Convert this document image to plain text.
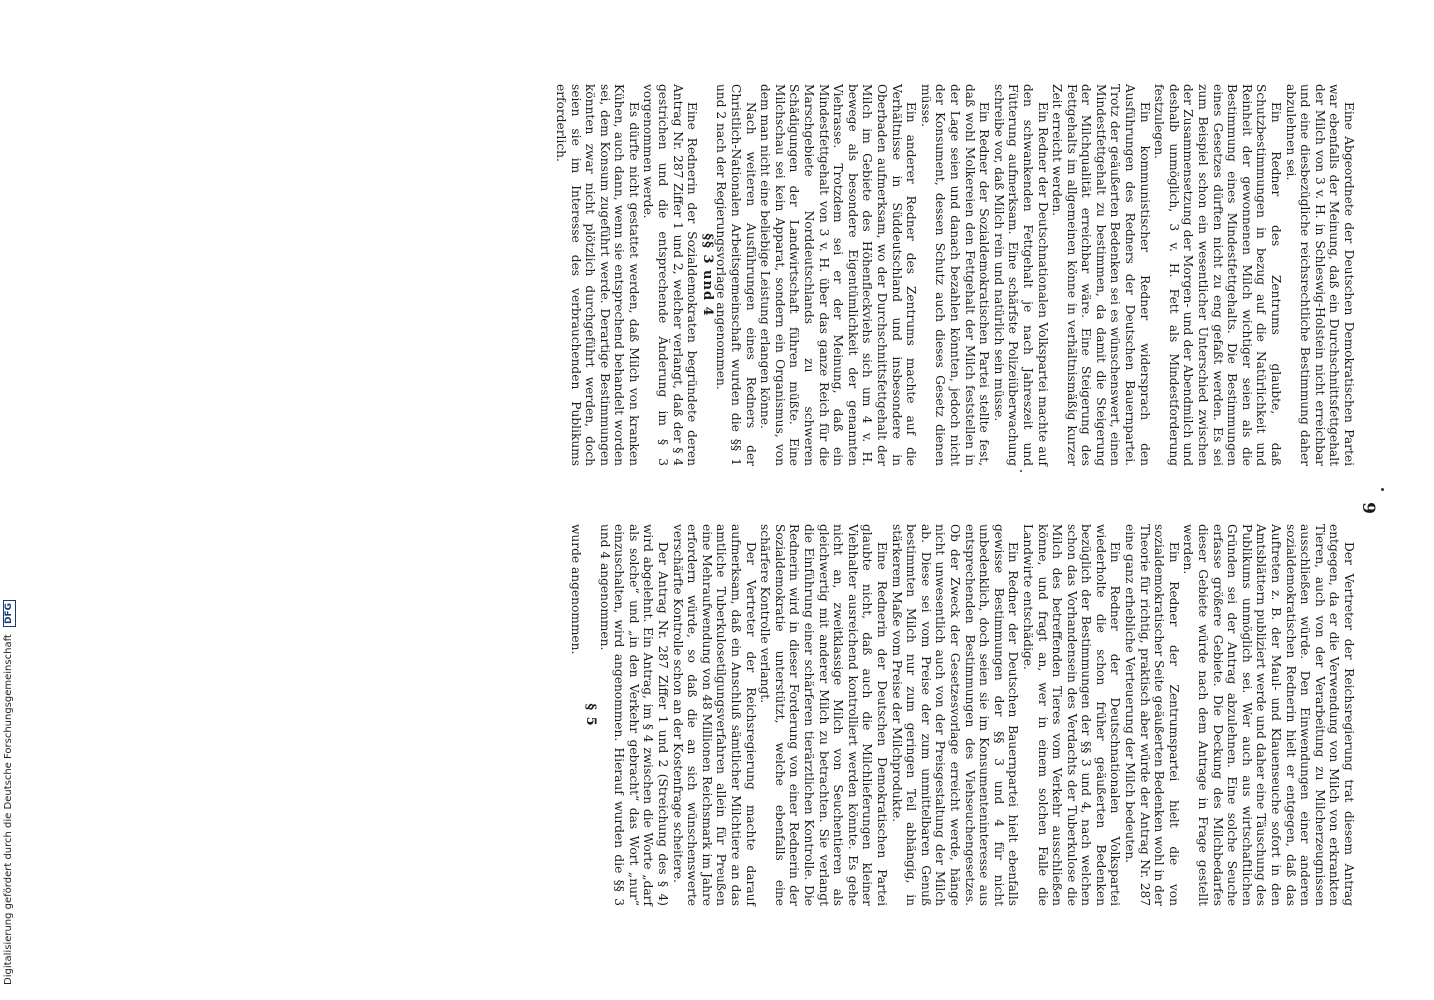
9

Eine Abgeordnete der Deutschen Demokratischen Partei war ebenfalls der Meinung, daß ein Durchschnittsfettgehalt der Milch von 3 v. H. in Schleswig-Holstein nicht erreichbar und eine diesbezügliche reichsrechtliche Bestimmung daher abzulehnen sei.

Ein Redner des Zentrums glaubte, daß Schutzbestimmungen in bezug auf die Natürlichkeit und Reinheit der gewonnenen Milch wichtiger seien als die Bestimmung eines Mindestfettgehalts. Die Bestimmungen eines Gesetzes dürften nicht zu eng gefaßt werden. Es sei zum Beispiel schon ein wesentlicher Unterschied zwischen der Zusammensetzung der Morgen- und der Abendmilch und deshalb unmöglich, 3 v. H. Fett als Mindestforderung festzulegen.

Ein kommunistischer Redner widersprach den Ausführungen des Redners der Deutschen Bauernpartei. Trotz der geäußerten Bedenken sei es wünschenswert, einen Mindestfettgehalt zu bestimmen, da damit die Steigerung der Milchqualität erreichbar wäre. Eine Steigerung des Fettgehalts im allgemeinen könne in verhältnismäßig kurzer Zeit erreicht werden.

Ein Redner der Deutschnationalen Volkspartei machte auf den schwankenden Fettgehalt je nach Jahreszeit und Fütterung aufmerksam. Eine schärfste Polizeiüberwachung schreibe vor, daß Milch rein und natürlich sein müsse.

Ein Redner der Sozialdemokratischen Partei stellte fest, daß wohl Molkereien den Fettgehalt der Milch feststellen in der Lage seien und danach bezahlen könnten, jedoch nicht der Konsument, dessen Schutz auch dieses Gesetz dienen müsse.

Ein anderer Redner des Zentrums machte auf die Verhältnisse in Süddeutschland und insbesondere in Oberbaden aufmerksam, wo der Durchschnittsfettgehalt der Milch im Gebiete des Höhenfleckviehs sich um 4 v. H. bewege als besondere Eigentümlichkeit der genannten Viehrasse. Trotzdem sei er der Meinung, daß ein Mindestfettgehalt von 3 v. H. über das ganze Reich für die Marschgebiete Norddeutschlands zu schweren Schädigungen der Landwirtschaft führen müßte. Eine Milchschau sei kein Apparat, sondern ein Organismus, von dem man nicht eine beliebige Leistung erlangen könne.

Nach weiteren Ausführungen eines Redners der Christlich-Nationalen Arbeitsgemeinschaft wurden die §§ 1 und 2 nach der Regierungsvorlage angenommen.

§§ 3 und 4

Eine Rednerin der Sozialdemokraten begründete deren Antrag Nr. 287 Ziffer 1 und 2, welcher verlangt, daß der § 4 gestrichen und die entsprechende Änderung im § 3 vorgenommen werde.

Es dürfte nicht gestattet werden, daß Milch von kranken Kühen, auch dann, wenn sie entsprechend behandelt worden sei, dem Konsum zugeführt werde. Derartige Bestimmungen könnten zwar nicht plötzlich durchgeführt werden, doch seien sie im Interesse des verbrauchenden Publikums erforderlich.

Der Vertreter der Reichsregierung trat diesem Antrag entgegen, da er die Verwendung von Milch von erkrankten Tieren, auch von der Verarbeitung zu Milcherzeugnissen ausschließen würde. Den Einwendungen einer anderen sozialdemokratischen Rednerin hielt er entgegen, daß das Auftreten z. B. der Maul- und Klauenseuche sofort in den Amtsblättern publiziert werde und daher eine Täuschung des Publikums unmöglich sei. Wer auch aus wirtschaftlichen Gründen sei der Antrag abzulehnen. Eine solche Seuche erfasse größere Gebiete. Die Deckung des Milchbedarfes dieser Gebiete würde nach dem Antrage in Frage gestellt werden.

Ein Redner der Zentrumspartei hielt die von sozialdemokratischer Seite geäußerten Bedenken wohl in der Theorie für richtig, praktisch aber würde der Antrag Nr. 287 eine ganz erhebliche Verteuerung der Milch bedeuten.

Ein Redner der Deutschnationalen Volkspartei wiederholte die schon früher geäußerten Bedenken bezüglich der Bestimmungen der §§ 3 und 4, nach welchen schon das Vorhandensein des Verdachts der Tuberkulose die Milch des betreffenden Tieres vom Verkehr ausschließen könne, und fragt an, wer in einem solchen Falle die Landwirte entschädige.

Ein Redner der Deutschen Bauernpartei hielt ebenfalls gewisse Bestimmungen der §§ 3 und 4 für nicht unbedenklich, doch seien sie im Konsumenteninteresse aus entsprechenden Bestimmungen des Viehseuchengesetzes. Ob der Zweck der Gesetzesvorlage erreicht werde, hänge nicht unwesentlich auch von der Preisgestaltung der Milch ab. Diese sei vom Preise der zum unmittelbaren Genuß bestimmten Milch nur zum geringen Teil abhängig, in stärkerem Maße vom Preise der Milchprodukte.

Eine Rednerin der Deutschen Demokratischen Partei glaubte nicht, daß auch die Milchlieferungen kleiner Viehhalter ausreichend kontrolliert werden könnte. Es gehe nicht an, zweitklassige Milch von Seuchentieren als gleichwertig mit anderer Milch zu betrachten. Sie verlangt die Einführung einer schärferen tierärztlichen Kontrolle. Die Rednerin wird in dieser Forderung von einer Rednerin der Sozialdemokratie unterstützt, welche ebenfalls eine schärfere Kontrolle verlangt.

Der Vertreter der Reichsregierung machte darauf aufmerksam, daß ein Anschluß sämtlicher Milchtiere an das amtliche Tuberkulosetilgungsverfahren allein für Preußen eine Mehraufwendung von 48 Millionen Reichsmark im Jahre erfordern würde, so daß die an sich wünschenswerte verschärfte Kontrolle schon an der Kostenfrage scheitere.

Der Antrag Nr. 287 Ziffer 1 und 2 (Streichung des § 4) wird abgelehnt. Ein Antrag, im § 4 zwischen die Worte „darf als solche“ und „in den Verkehr gebracht“ das Wort „nur“ einzuschalten, wird angenommen. Hierauf wurden die §§ 3 und 4 angenommen.

§ 5

wurde angenommen.

Digitalisierung gefördert durch die Deutsche Forschungsgemeinschaft DFG
